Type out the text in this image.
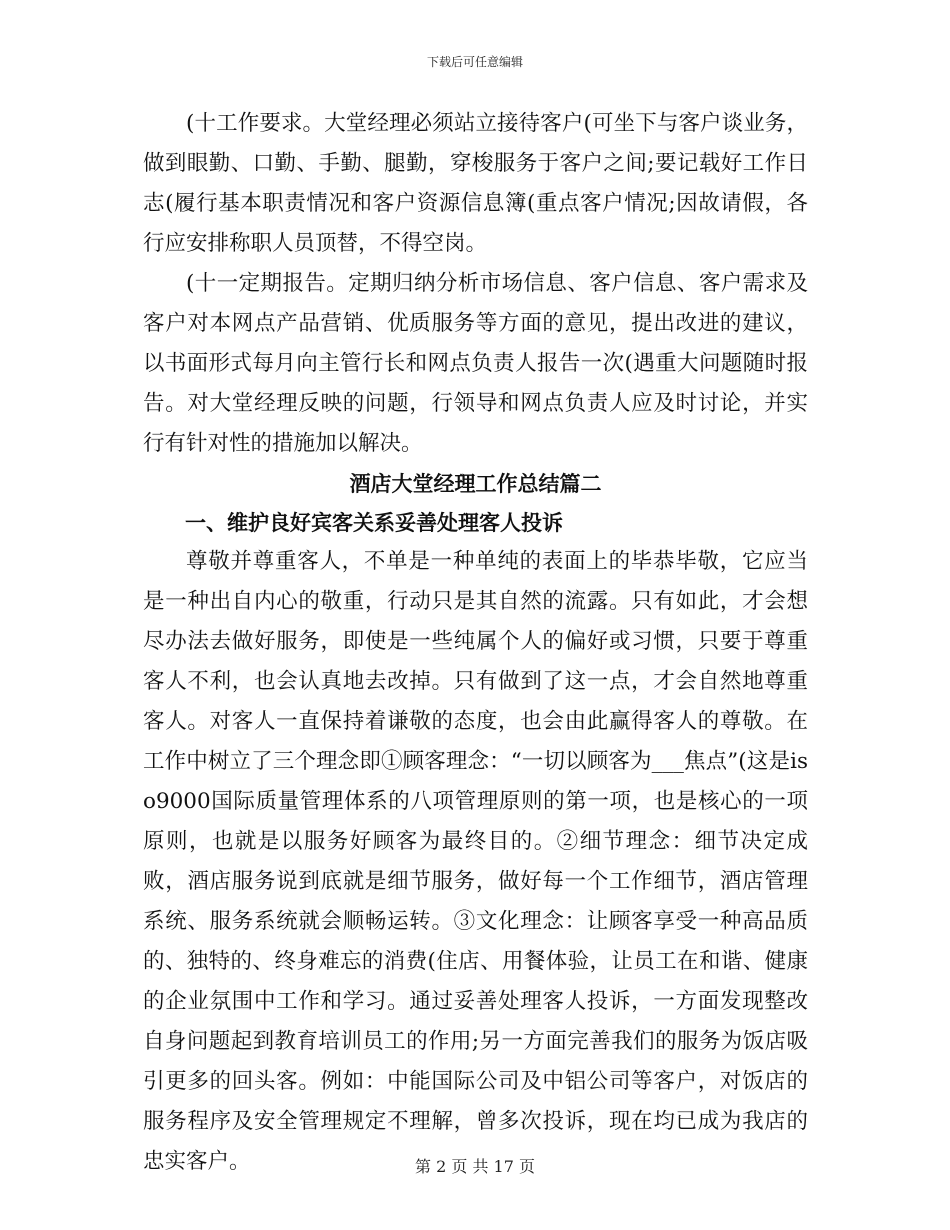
下载后可任意编辑

(十工作要求。大堂经理必须站立接待客户(可坐下与客户谈业务，做到眼勤、口勤、手勤、腿勤，穿梭服务于客户之间;要记载好工作日志(履行基本职责情况和客户资源信息簿(重点客户情况;因故请假，各行应安排称职人员顶替，不得空岗。

(十一定期报告。定期归纳分析市场信息、客户信息、客户需求及客户对本网点产品营销、优质服务等方面的意见，提出改进的建议，以书面形式每月向主管行长和网点负责人报告一次(遇重大问题随时报告。对大堂经理反映的问题，行领导和网点负责人应及时讨论，并实行有针对性的措施加以解决。

酒店大堂经理工作总结篇二

一、维护良好宾客关系妥善处理客人投诉

尊敬并尊重客人，不单是一种单纯的表面上的毕恭毕敬，它应当是一种出自内心的敬重，行动只是其自然的流露。只有如此，才会想尽办法去做好服务，即使是一些纯属个人的偏好或习惯，只要于尊重客人不利，也会认真地去改掉。只有做到了这一点，才会自然地尊重客人。对客人一直保持着谦敬的态度，也会由此赢得客人的尊敬。在工作中树立了三个理念即①顾客理念：“一切以顾客为___焦点”(这是iso9000国际质量管理体系的八项管理原则的第一项，也是核心的一项原则，也就是以服务好顾客为最终目的。②细节理念：细节决定成败，酒店服务说到底就是细节服务，做好每一个工作细节，酒店管理系统、服务系统就会顺畅运转。③文化理念：让顾客享受一种高品质的、独特的、终身难忘的消费(住店、用餐体验，让员工在和谐、健康的企业氛围中工作和学习。通过妥善处理客人投诉，一方面发现整改自身问题起到教育培训员工的作用;另一方面完善我们的服务为饭店吸引更多的回头客。例如：中能国际公司及中铝公司等客户，对饭店的服务程序及安全管理规定不理解，曾多次投诉，现在均已成为我店的忠实客户。	第 2 页 共 17 页
